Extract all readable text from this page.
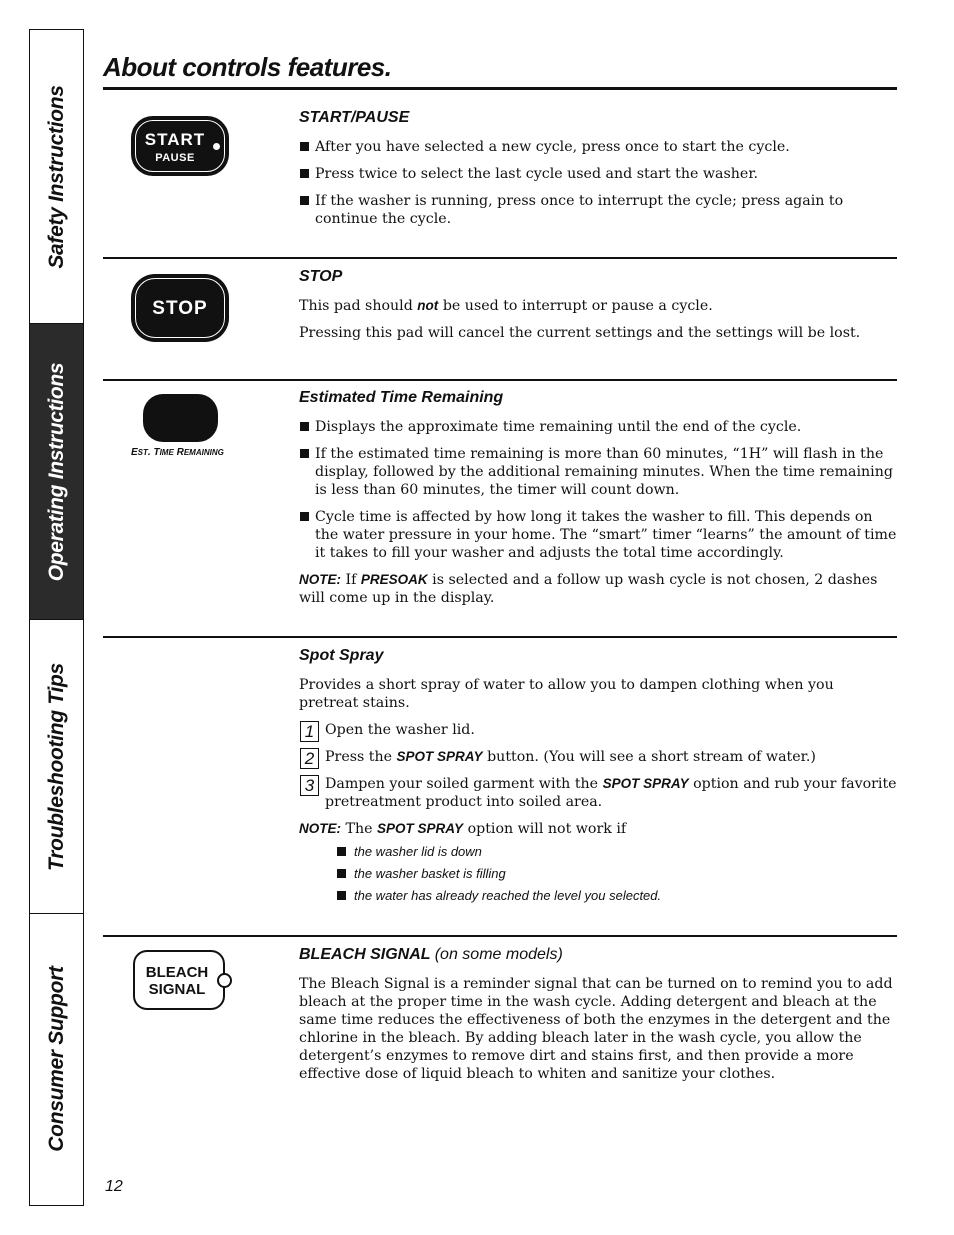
Safety Instructions
Operating Instructions
Troubleshooting Tips
Consumer Support
About controls features.
START
PAUSE
START/PAUSE
After you have selected a new cycle, press once to start the cycle.
Press twice to select the last cycle used and start the washer.
If the washer is running, press once to interrupt the cycle; press again to continue the cycle.
STOP
STOP

This pad should not be used to interrupt or pause a cycle.

Pressing this pad will cancel the current settings and the settings will be lost.

EST. TIME REMAINING
Estimated Time Remaining
Displays the approximate time remaining until the end of the cycle.
If the estimated time remaining is more than 60 minutes, “1H” will flash in the display, followed by the additional remaining minutes. When the time remaining is less than 60 minutes, the timer will count down.
Cycle time is affected by how long it takes the washer to fill. This depends on the water pressure in your home. The “smart” timer “learns” the amount of time it takes to fill your washer and adjusts the total time accordingly.

NOTE: If PRESOAK is selected and a follow up wash cycle is not chosen, 2 dashes will come up in the display.

Spot Spray

Provides a short spray of water to allow you to dampen clothing when you pretreat stains.

1 Open the washer lid.
2 Press the SPOT SPRAY button. (You will see a short stream of water.)
3 Dampen your soiled garment with the SPOT SPRAY option and rub your favorite pretreatment product into soiled area.

NOTE: The SPOT SPRAY option will not work if

the washer lid is down
the washer basket is filling
the water has already reached the level you selected.
BLEACH
SIGNAL
BLEACH SIGNAL (on some models)

The Bleach Signal is a reminder signal that can be turned on to remind you to add bleach at the proper time in the wash cycle. Adding detergent and bleach at the same time reduces the effectiveness of both the enzymes in the detergent and the chlorine in the bleach. By adding bleach later in the wash cycle, you allow the detergent’s enzymes to remove dirt and stains first, and then provide a more effective dose of liquid bleach to whiten and sanitize your clothes.

12
